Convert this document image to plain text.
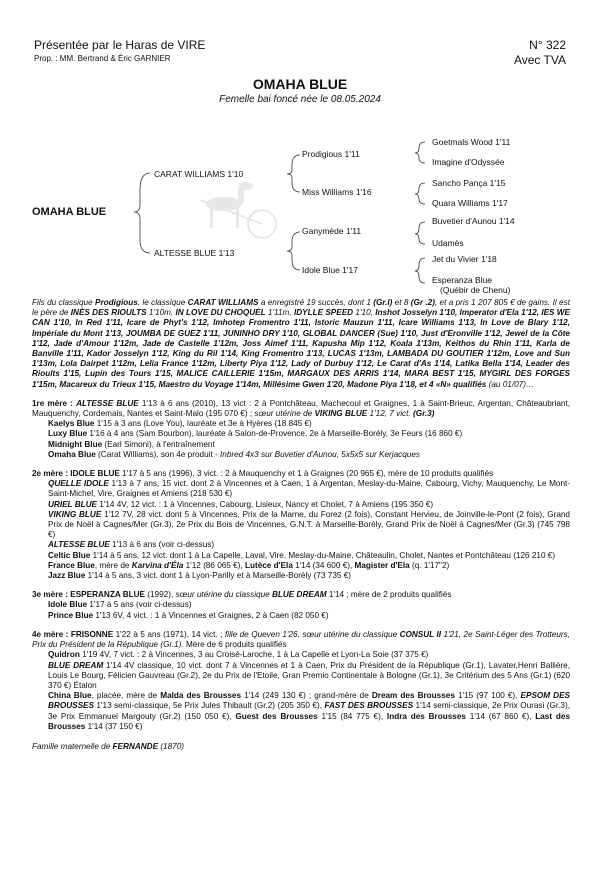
Présentée par le Haras de VIRE
Prop. : MM. Bertrand & Éric GARNIER
N° 322
Avec TVA
OMAHA BLUE
Femelle bai foncé née le 08.05.2024
OMAHA BLUE
CARAT WILLIAMS 1'10
ALTESSE BLUE 1'13
Prodigious 1'11
Miss Williams 1'16
Ganymède 1'11
Idole Blue 1'17
Goetmals Wood 1'11
Imagine d'Odyssée
Sancho Pança 1'15
Quara Williams 1'17
Buvetier d'Aunou 1'14
Udamès
Jet du Vivier 1'18
Esperanza Blue
(Québir de Chenu)

Fils du classique Prodigious, le classique CARAT WILLIAMS a enregistré 19 succès, dont 1 (Gr.I) et 8 (Gr .2), et a pris 1 207 805 € de gains. Il est le père de INÈS DES RIOULTS 1'10m, IN LOVE DU CHOQUEL 1'11m, IDYLLE SPEED 1'10, Inshot Josselyn 1'10, Imperator d'Ela 1'12, IES WE CAN 1'10, In Red 1'11, Icare de Phyt's 1'12, Imhotep Fromentro 1'11, Istoric Mauzun 1'11, Icare Williams 1'13, In Love de Blary 1'12, Impériale du Mont 1'13, JOUMBA DE GUEZ 1'11, JUNINHO DRY 1'10, GLOBAL DANCER (Sue) 1'10, Just d'Eronville 1'12, Jewel de la Côte 1'12, Jade d'Amour 1'12m, Jade de Castelle 1'12m, Joss Aimef 1'11, Kapusha Mip 1'12, Koala 1'13m, Keithos du Rhin 1'11, Karla de Banville 1'11, Kador Josselyn 1'12, King du Ril 1'14, King Fromentro 1'13, LUCAS 1'13m, LAMBADA DU GOUTIER 1'12m, Love and Sun 1'13m, Lola Dairpet 1'12m, Lelia France 1'12m, Liberty Piya 1'12, Lady of Durbuy 1'12, Le Carat d'As 1'14, Latika Bella 1'14, Leader des Rioults 1'15, Lupin des Tours 1'15, MALICE CAILLERIE 1'15m, MARGAUX DES ARRIS 1'14, MARA BEST 1'15, MYGIRL DES FORGES 1'15m, Macareux du Trieux 1'15, Maestro du Voyage 1'14m, Millésime Gwen 1'20, Madone Piya 1'18, et 4 «N» qualifiés (au 01/07)…

1re mère : ALTESSE BLUE 1'13 à 6 ans (2010), 13 vict : 2 à Pontchâteau, Machecoul et Graignes, 1 à Saint-Brieuc, Argentan, Châteaubriant, Mauquenchy, Cordemais, Nantes et Saint-Malo (195 070 €) ; sœur utérine de VIKING BLUE 1'12, 7 vict. (Gr.3)

Kaelys Blue 1'15 à 3 ans (Love You), lauréate et 3e à Hyères (18 845 €)

Luxy Blue 1'16 à 4 ans (Sam Bourbon), lauréate à Salon-de-Provence, 2e à Marseille-Borély, 3e Feurs (16 860 €)

Midnight Blue (Earl Simoni), à l'entraînement

Omaha Blue (Carat Williams), son 4e produit - Inbred 4x3 sur Buvetier d'Aunou, 5x5x5 sur Kerjacques

2e mère : IDOLE BLUE 1'17 à 5 ans (1996), 3 vict. : 2 à Mauquenchy et 1 à Graignes (20 965 €), mère de 10 produits qualifiés

QUELLE IDOLE 1'13 à 7 ans, 15 vict. dont 2 à Vincennes et à Caen, 1 à Argentan, Meslay-du-Maine, Cabourg, Vichy, Mauquenchy, Le Mont- Saint-Michel, Vire, Graignes et Amiens (218 530 €)

URIEL BLUE 1'14 4V, 12 vict. : 1 à Vincennes, Cabourg, Lisieux, Nancy et Cholet, 7 à Amiens (195 350 €)

VIKING BLUE 1'12 7V, 28 vict. dont 5 à Vincennes, Prix de la Marne, du Forez (2 fois), Constant Hervieu, de Joinville-le-Pont (2 fois), Grand Prix de Noël à Cagnes/Mer (Gr.3), 2e Prix du Bois de Vincennes, G.N.T. à Marseille-Borély, Grand Prix de Noël à Cagnes/Mer (Gr.3) (745 798 €)

ALTESSE BLUE 1'13 à 6 ans (voir ci-dessus)

Celtic Blue 1'14 à 5 ans, 12 vict. dont 1 à La Capelle, Laval, Vire, Meslay-du-Maine, Châteaulin, Cholet, Nantes et Pontchâteau (126 210 €)

France Blue, mère de Karvina d'Éla 1'12 (86 065 €), Lutèce d'Ela 1'14 (34 600 €), Magister d'Ela (q. 1'17"2)

Jazz Blue 1'14 à 5 ans, 3 vict. dont 1 à Lyon-Parilly et à Marseille-Borély (73 735 €)

3e mère : ESPERANZA BLUE (1992), sœur utérine du classique BLUE DREAM 1'14 ; mère de 2 produits qualifiés

Idole Blue 1'17 à 5 ans (voir ci-dessus)

Prince Blue 1'13 6V, 4 vict. : 1 à Vincennes et Graignes, 2 à Caen (82 050 €)

4e mère : FRISONNE 1'22 à 5 ans (1971), 14 vict. ; fille de Queven 1'26, sœur utérine du classique CONSUL II 1'21, 2e Saint-Léger des Trotteurs, Prix du Président de la République (Gr.1). Mère de 6 produits qualifiés

Quidron 1'19 4V, 7 vict. : 2 à Vincennes, 3 au Croisé-Laroche, 1 à La Capelle et Lyon-La Soie (37 375 €)

BLUE DREAM 1'14 4V classique, 10 vict. dont 7 à Vincennes et 1 à Caen, Prix du Président de la République (Gr.1), Lavater,Henri Ballière, Louis Le Bourg, Félicien Gauvreau (Gr.2), 2e du Prix de l'Etoile, Gran Premio Continentale à Bologne (Gr.1), 3e Critérium des 5 Ans (Gr.1) (620 370 €) Étalon

China Blue, placée, mère de Malda des Brousses 1'14 (249 130 €) ; grand-mère de Dream des Brousses 1'15 (97 100 €), EPSOM DES BROUSSES 1'13 semi-classique, 5e Prix Jules Thibault (Gr.2) (205 350 €), FAST DES BROUSSES 1'14 semi-classique, 2e Prix Ourasi (Gr.3), 3e Prix Emmanuel Margouty (Gr.2) (150 050 €), Guest des Brousses 1'15 (84 775 €), Indra des Brousses 1'14 (67 860 €), Last des Brousses 1'14 (37 150 €)

Famille maternelle de FERNANDE (1870)
